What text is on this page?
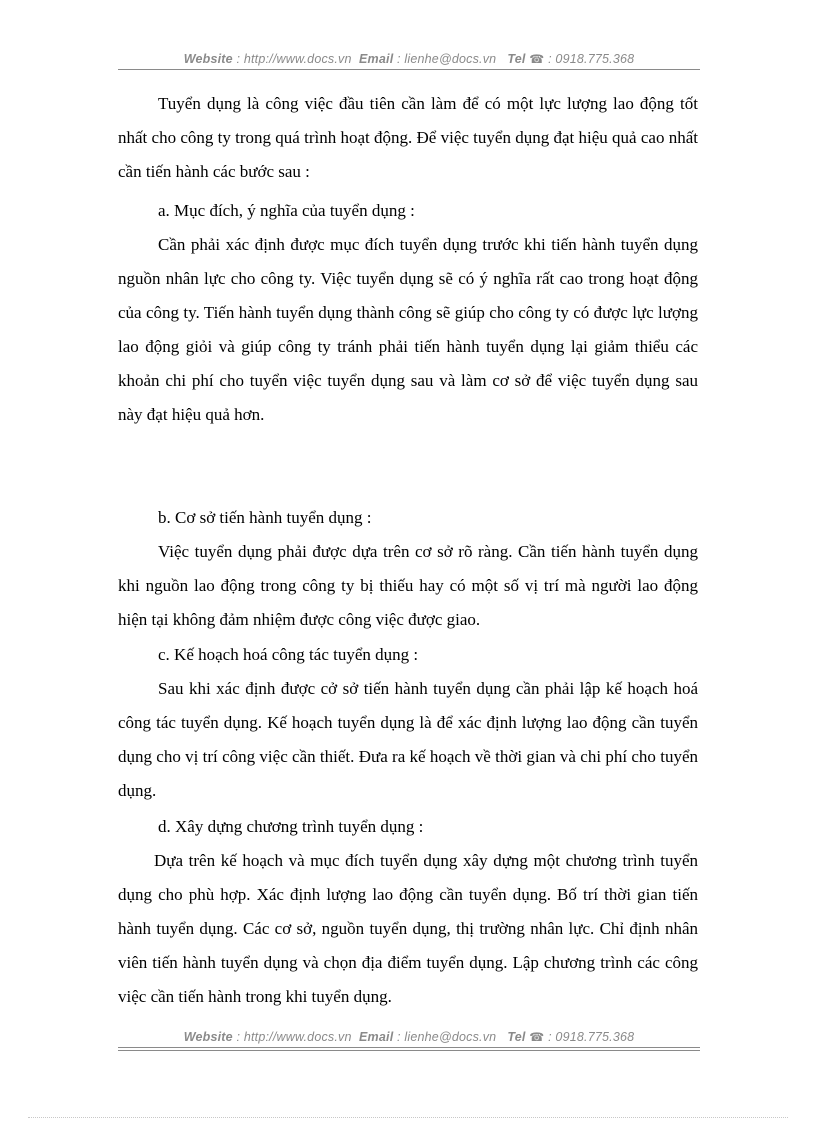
Website : http://www.docs.vn Email : lienhe@docs.vn Tel ☎ : 0918.775.368
Tuyển dụng là công việc đầu tiên cần làm để có một lực lượng lao động tốt nhất cho công ty trong quá trình hoạt động. Để việc tuyển dụng đạt hiệu quả cao nhất cần tiến hành các bước sau :
a. Mục đích, ý nghĩa của tuyển dụng :
Cần phải xác định được mục đích tuyển dụng trước khi tiến hành tuyển dụng nguồn nhân lực cho công ty. Việc tuyển dụng sẽ có ý nghĩa rất cao trong hoạt động của công ty. Tiến hành tuyển dụng thành công sẽ giúp cho công ty có được lực lượng lao động giỏi và giúp công ty tránh phải tiến hành tuyển dụng lại giảm thiểu các khoản chi phí cho tuyển việc tuyển dụng sau và làm cơ sở để việc tuyển dụng sau này đạt hiệu quả hơn.
b. Cơ sở tiến hành tuyển dụng :
Việc tuyển dụng phải được dựa trên cơ sở rõ ràng. Cần tiến hành tuyển dụng khi nguồn lao động trong công ty bị thiếu hay có một số vị trí mà người lao động hiện tại không đảm nhiệm được công việc được giao.
c. Kế hoạch hoá công tác tuyển dụng :
Sau khi xác định được cở sở tiến hành tuyển dụng cần phải lập kế hoạch hoá công tác tuyển dụng. Kế hoạch tuyển dụng là để xác định lượng lao động cần tuyển dụng cho vị trí công việc cần thiết. Đưa ra kế hoạch về thời gian và chi phí cho tuyển dụng.
d. Xây dựng chương trình tuyển dụng :
Dựa trên kế hoạch và mục đích tuyển dụng xây dựng một chương trình tuyển dụng cho phù hợp. Xác định lượng lao động cần tuyển dụng. Bố trí thời gian tiến hành tuyển dụng. Các cơ sở, nguồn tuyển dụng, thị trường nhân lực. Chỉ định nhân viên tiến hành tuyển dụng và chọn địa điểm tuyển dụng. Lập chương trình các công việc cần tiến hành trong khi tuyển dụng.
Website : http://www.docs.vn Email : lienhe@docs.vn Tel ☎ : 0918.775.368
